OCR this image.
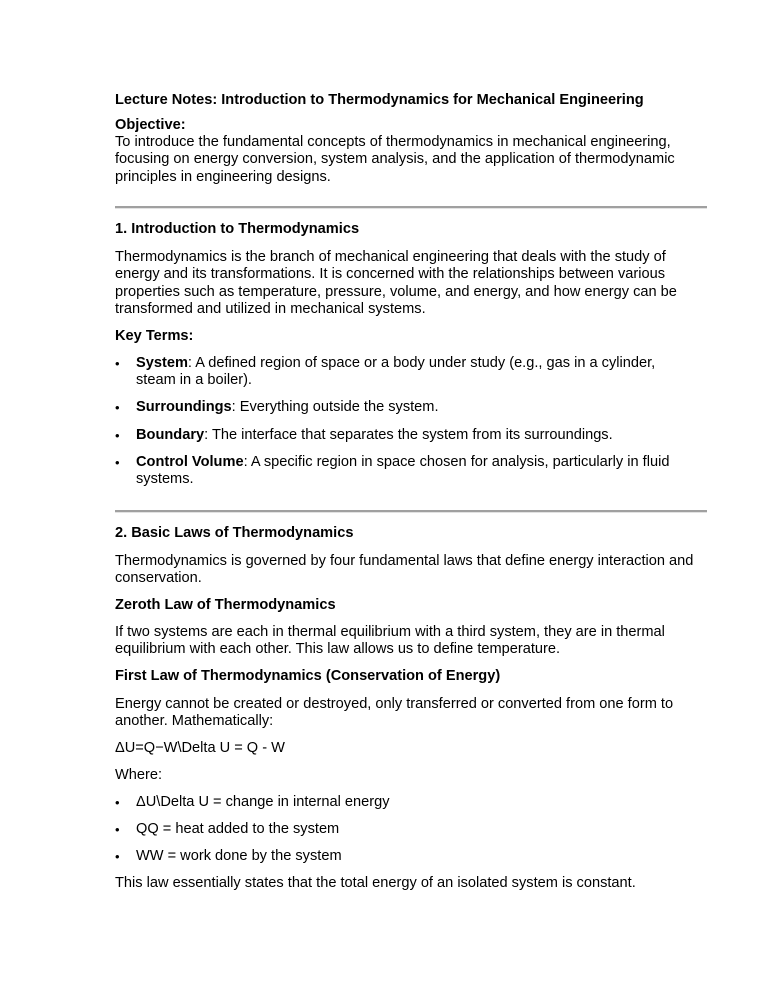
Lecture Notes: Introduction to Thermodynamics for Mechanical Engineering
Objective:
To introduce the fundamental concepts of thermodynamics in mechanical engineering, focusing on energy conversion, system analysis, and the application of thermodynamic principles in engineering designs.
1. Introduction to Thermodynamics
Thermodynamics is the branch of mechanical engineering that deals with the study of energy and its transformations. It is concerned with the relationships between various properties such as temperature, pressure, volume, and energy, and how energy can be transformed and utilized in mechanical systems.
Key Terms:
• System: A defined region of space or a body under study (e.g., gas in a cylinder, steam in a boiler).
• Surroundings: Everything outside the system.
• Boundary: The interface that separates the system from its surroundings.
• Control Volume: A specific region in space chosen for analysis, particularly in fluid systems.
2. Basic Laws of Thermodynamics
Thermodynamics is governed by four fundamental laws that define energy interaction and conservation.
Zeroth Law of Thermodynamics
If two systems are each in thermal equilibrium with a third system, they are in thermal equilibrium with each other. This law allows us to define temperature.
First Law of Thermodynamics (Conservation of Energy)
Energy cannot be created or destroyed, only transferred or converted from one form to another. Mathematically:
ΔU=Q−W\Delta U = Q - W
Where:
• ΔU\Delta U = change in internal energy
• QQ = heat added to the system
• WW = work done by the system
This law essentially states that the total energy of an isolated system is constant.
